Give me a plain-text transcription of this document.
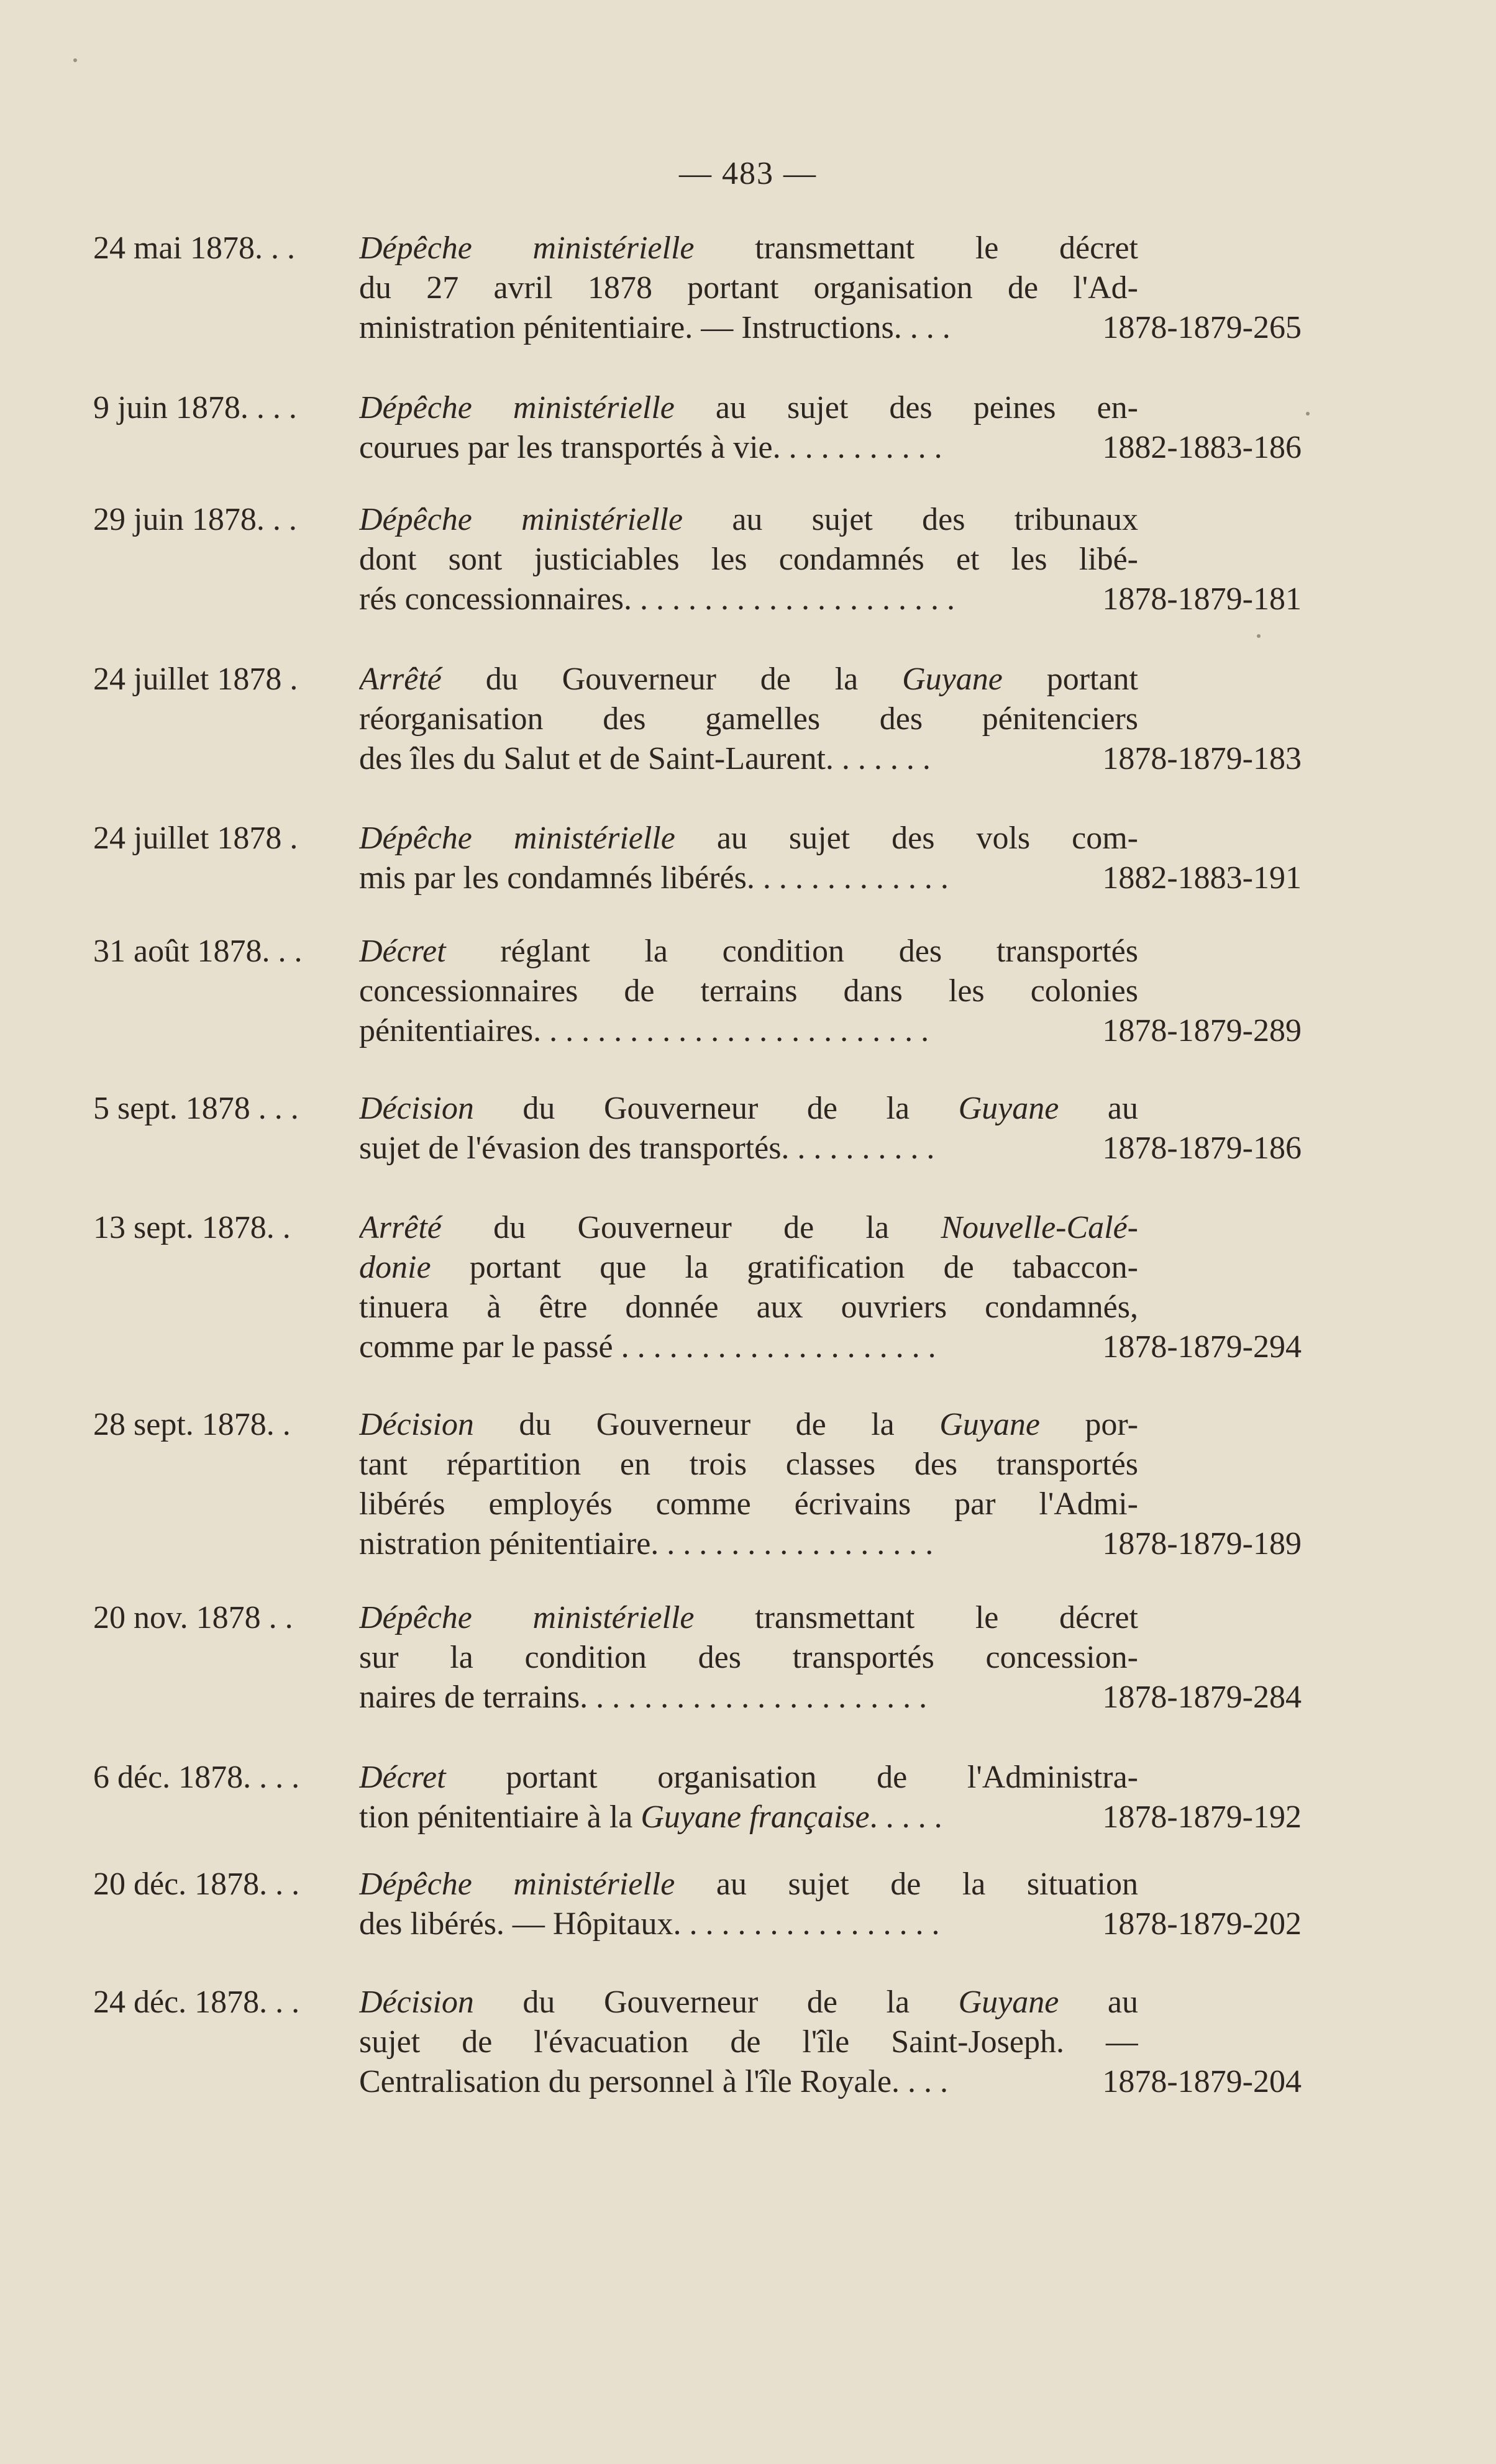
— 483 —
24 mai 1878. . .	Dépêche ministérielle transmettant le décret
du 27 avril 1878 portant organisation de l'Ad-
ministration pénitentiaire. — Instructions. . . .	1878-1879-265
9 juin 1878. . . .	Dépêche ministérielle au sujet des peines en-
courues par les transportés à vie. . . . . . . . . . .	1882-1883-186
29 juin 1878. . .	Dépêche ministérielle au sujet des tribunaux
dont sont justiciables les condamnés et les libé-
rés concessionnaires. . . . . . . . . . . . . . . . . . . . .	1878-1879-181
24 juillet 1878 .	Arrêté du Gouverneur de la Guyane portant
réorganisation des gamelles des pénitenciers
des îles du Salut et de Saint-Laurent. . . . . . .	1878-1879-183
24 juillet 1878 .	Dépêche ministérielle au sujet des vols com-
mis par les condamnés libérés. . . . . . . . . . . . .	1882-1883-191
31 août 1878. . .	Décret réglant la condition des transportés
concessionnaires de terrains dans les colonies
pénitentiaires. . . . . . . . . . . . . . . . . . . . . . . . .	1878-1879-289
5 sept. 1878 . . .	Décision du Gouverneur de la Guyane au
sujet de l'évasion des transportés. . . . . . . . . .	1878-1879-186
13 sept. 1878. .	Arrêté du Gouverneur de la Nouvelle-Calé-
donie portant que la gratification de tabaccon-
tinuera à être donnée aux ouvriers condamnés,
comme par le passé . . . . . . . . . . . . . . . . . . . .	1878-1879-294
28 sept. 1878. .	Décision du Gouverneur de la Guyane por-
tant répartition en trois classes des transportés
libérés employés comme écrivains par l'Admi-
nistration pénitentiaire. . . . . . . . . . . . . . . . . .	1878-1879-189
20 nov. 1878 . .	Dépêche ministérielle transmettant le décret
sur la condition des transportés concession-
naires de terrains. . . . . . . . . . . . . . . . . . . . . .	1878-1879-284
6 déc. 1878. . . .	Décret portant organisation de l'Administra-
tion pénitentiaire à la Guyane française. . . . .	1878-1879-192
20 déc. 1878. . .	Dépêche ministérielle au sujet de la situation
des libérés. — Hôpitaux. . . . . . . . . . . . . . . . .	1878-1879-202
24 déc. 1878. . .	Décision du Gouverneur de la Guyane au
sujet de l'évacuation de l'île Saint-Joseph. —
Centralisation du personnel à l'île Royale. . . .	1878-1879-204
